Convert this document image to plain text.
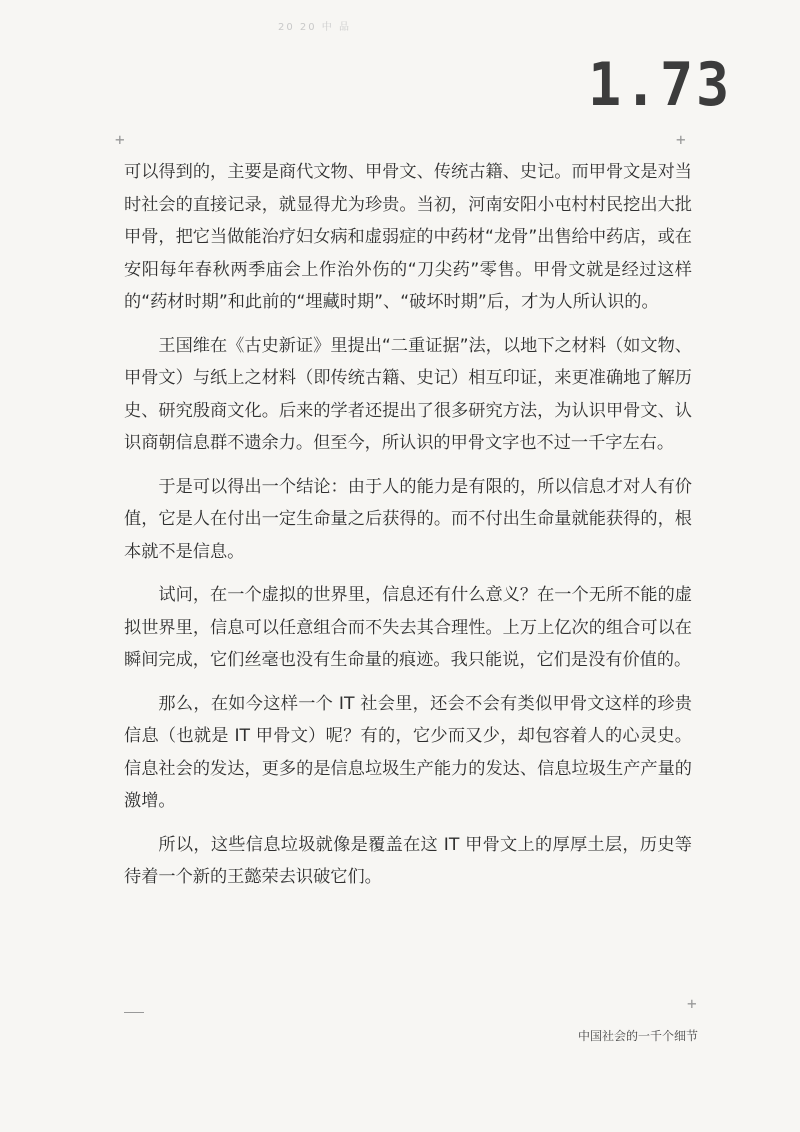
20 20 中 品
1.73
+	+
+

可以得到的，主要是商代文物、甲骨文、传统古籍、史记。而甲骨文是对当时社会的直接记录，就显得尤为珍贵。当初，河南安阳小屯村村民挖出大批甲骨，把它当做能治疗妇女病和虚弱症的中药材“龙骨”出售给中药店，或在安阳每年春秋两季庙会上作治外伤的“刀尖药”零售。甲骨文就是经过这样的“药材时期”和此前的“埋藏时期”、“破坏时期”后，才为人所认识的。

王国维在《古史新证》里提出“二重证据”法，以地下之材料（如文物、甲骨文）与纸上之材料（即传统古籍、史记）相互印证，来更准确地了解历史、研究殷商文化。后来的学者还提出了很多研究方法，为认识甲骨文、认识商朝信息群不遗余力。但至今，所认识的甲骨文字也不过一千字左右。

于是可以得出一个结论：由于人的能力是有限的，所以信息才对人有价值，它是人在付出一定生命量之后获得的。而不付出生命量就能获得的，根本就不是信息。

试问，在一个虚拟的世界里，信息还有什么意义？在一个无所不能的虚拟世界里，信息可以任意组合而不失去其合理性。上万上亿次的组合可以在瞬间完成，它们丝毫也没有生命量的痕迹。我只能说，它们是没有价值的。

那么，在如今这样一个 IT 社会里，还会不会有类似甲骨文这样的珍贵信息（也就是 IT 甲骨文）呢？有的，它少而又少，却包容着人的心灵史。信息社会的发达，更多的是信息垃圾生产能力的发达、信息垃圾生产产量的激增。

所以，这些信息垃圾就像是覆盖在这 IT 甲骨文上的厚厚土层，历史等待着一个新的王懿荣去识破它们。

中国社会的一千个细节
